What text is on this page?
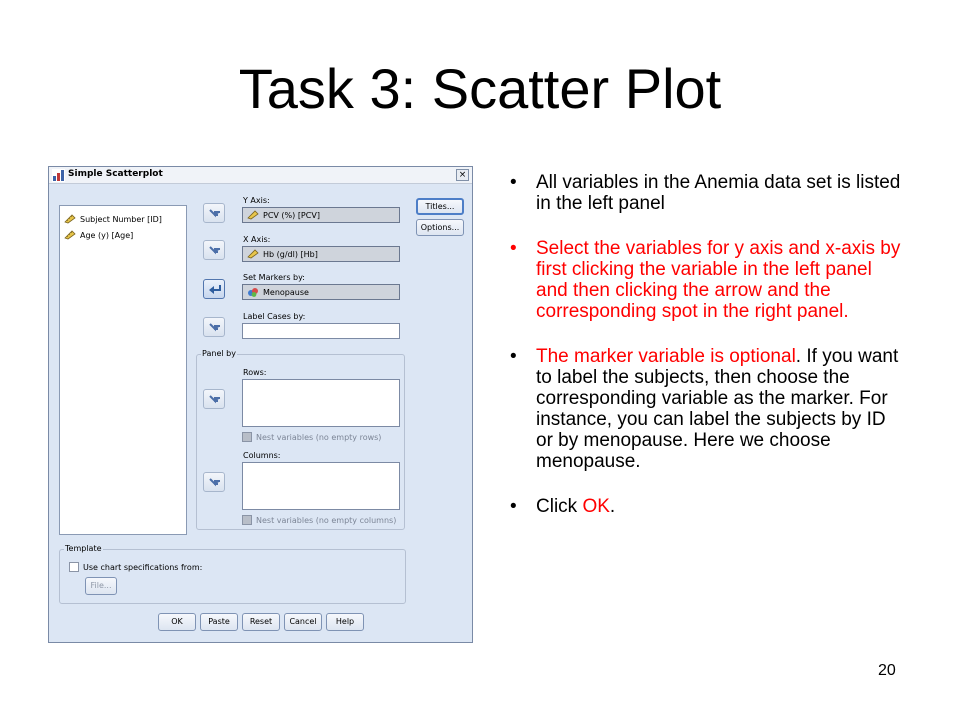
Task 3: Scatter Plot
Simple Scatterplot	×
Subject Number [ID]
Age (y) [Age]
Y Axis:
PCV (%) [PCV]
X Axis:
Hb (g/dl) [Hb]
Set Markers by:
Menopause
Label Cases by:
Panel by
Rows:
Nest variables (no empty rows)
Columns:
Nest variables (no empty columns)
Template
Use chart specifications from:
File...
Titles...
Options...
OK	Paste	Reset	Cancel	Help
• All variables in the Anemia data set is listed in the left panel
• Select the variables for y axis and x-axis by first clicking the variable in the left panel and then clicking the arrow and the corresponding spot in the right panel.
• The marker variable is optional. If you want to label the subjects, then choose the corresponding variable as the marker. For instance, you can label the subjects by ID or by menopause. Here we choose menopause.
• Click OK.
20
